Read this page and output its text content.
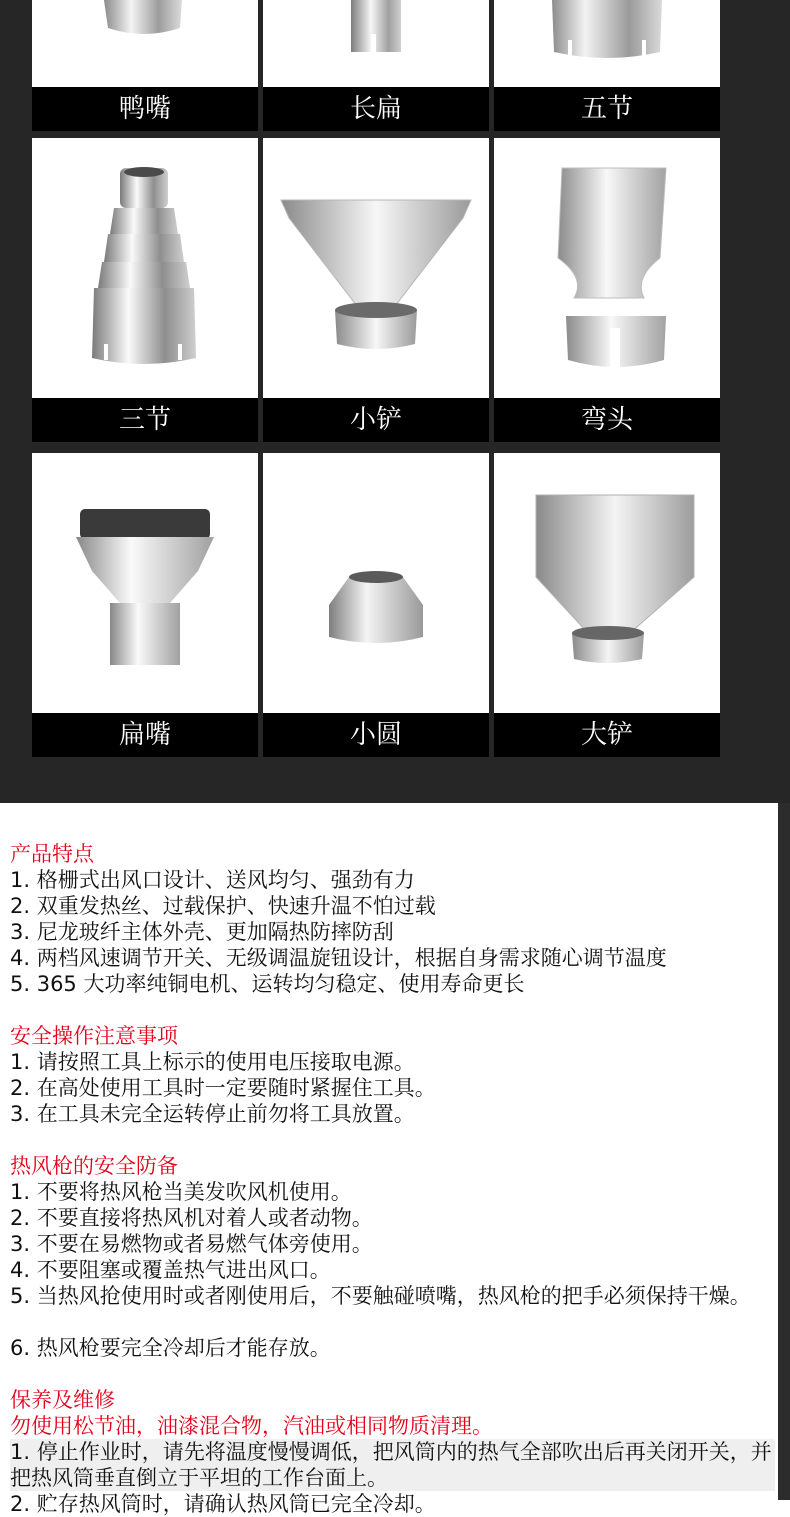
鸭嘴	长扁	五节
三节	小铲	弯头
扁嘴	小圆	大铲
产品特点
1. 格栅式出风口设计、送风均匀、强劲有力
2. 双重发热丝、过载保护、快速升温不怕过载
3. 尼龙玻纤主体外壳、更加隔热防摔防刮
4. 两档风速调节开关、无级调温旋钮设计，根据自身需求随心调节温度
5. 365 大功率纯铜电机、运转均匀稳定、使用寿命更长
安全操作注意事项
1. 请按照工具上标示的使用电压接取电源。
2. 在高处使用工具时一定要随时紧握住工具。
3. 在工具未完全运转停止前勿将工具放置。
热风枪的安全防备
1. 不要将热风枪当美发吹风机使用。
2. 不要直接将热风机对着人或者动物。
3. 不要在易燃物或者易燃气体旁使用。
4. 不要阻塞或覆盖热气进出风口。
5. 当热风抢使用时或者刚使用后，不要触碰喷嘴，热风枪的把手必须保持干燥。
6. 热风枪要完全冷却后才能存放。
保养及维修
勿使用松节油，油漆混合物，汽油或相同物质清理。
1. 停止作业时，请先将温度慢慢调低，把风筒内的热气全部吹出后再关闭开关，并把热风筒垂直倒立于平坦的工作台面上。
2. 贮存热风筒时，请确认热风筒已完全冷却。
